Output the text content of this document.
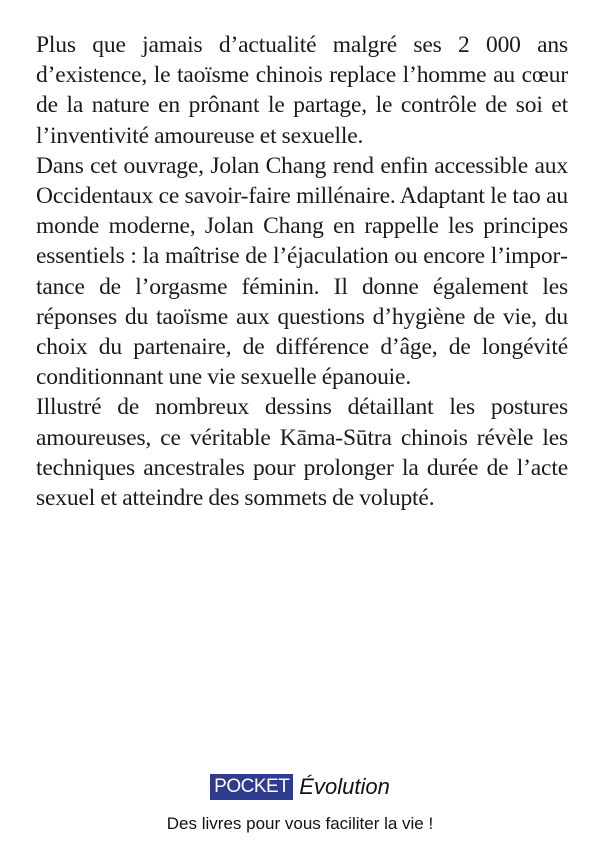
Plus que jamais d’actualité malgré ses 2 000 ans d’existence, le taoïsme chinois replace l’homme au cœur de la nature en prônant le partage, le contrôle de soi et l’inventivité amoureuse et sexuelle.

Dans cet ouvrage, Jolan Chang rend enfin accessible aux Occidentaux ce savoir-faire millénaire. Adaptant le tao au monde moderne, Jolan Chang en rappelle les principes essentiels : la maîtrise de l’éjaculation ou encore l’importance de l’orgasme féminin. Il donne également les réponses du taoïsme aux questions d’hygiène de vie, du choix du partenaire, de différence d’âge, de longévité conditionnant une vie sexuelle épanouie.

Illustré de nombreux dessins détaillant les postures amoureuses, ce véritable Kāma-Sūtra chinois révèle les techniques ancestrales pour prolonger la durée de l’acte sexuel et atteindre des sommets de volupté.

POCKET Évolution
Des livres pour vous faciliter la vie !
